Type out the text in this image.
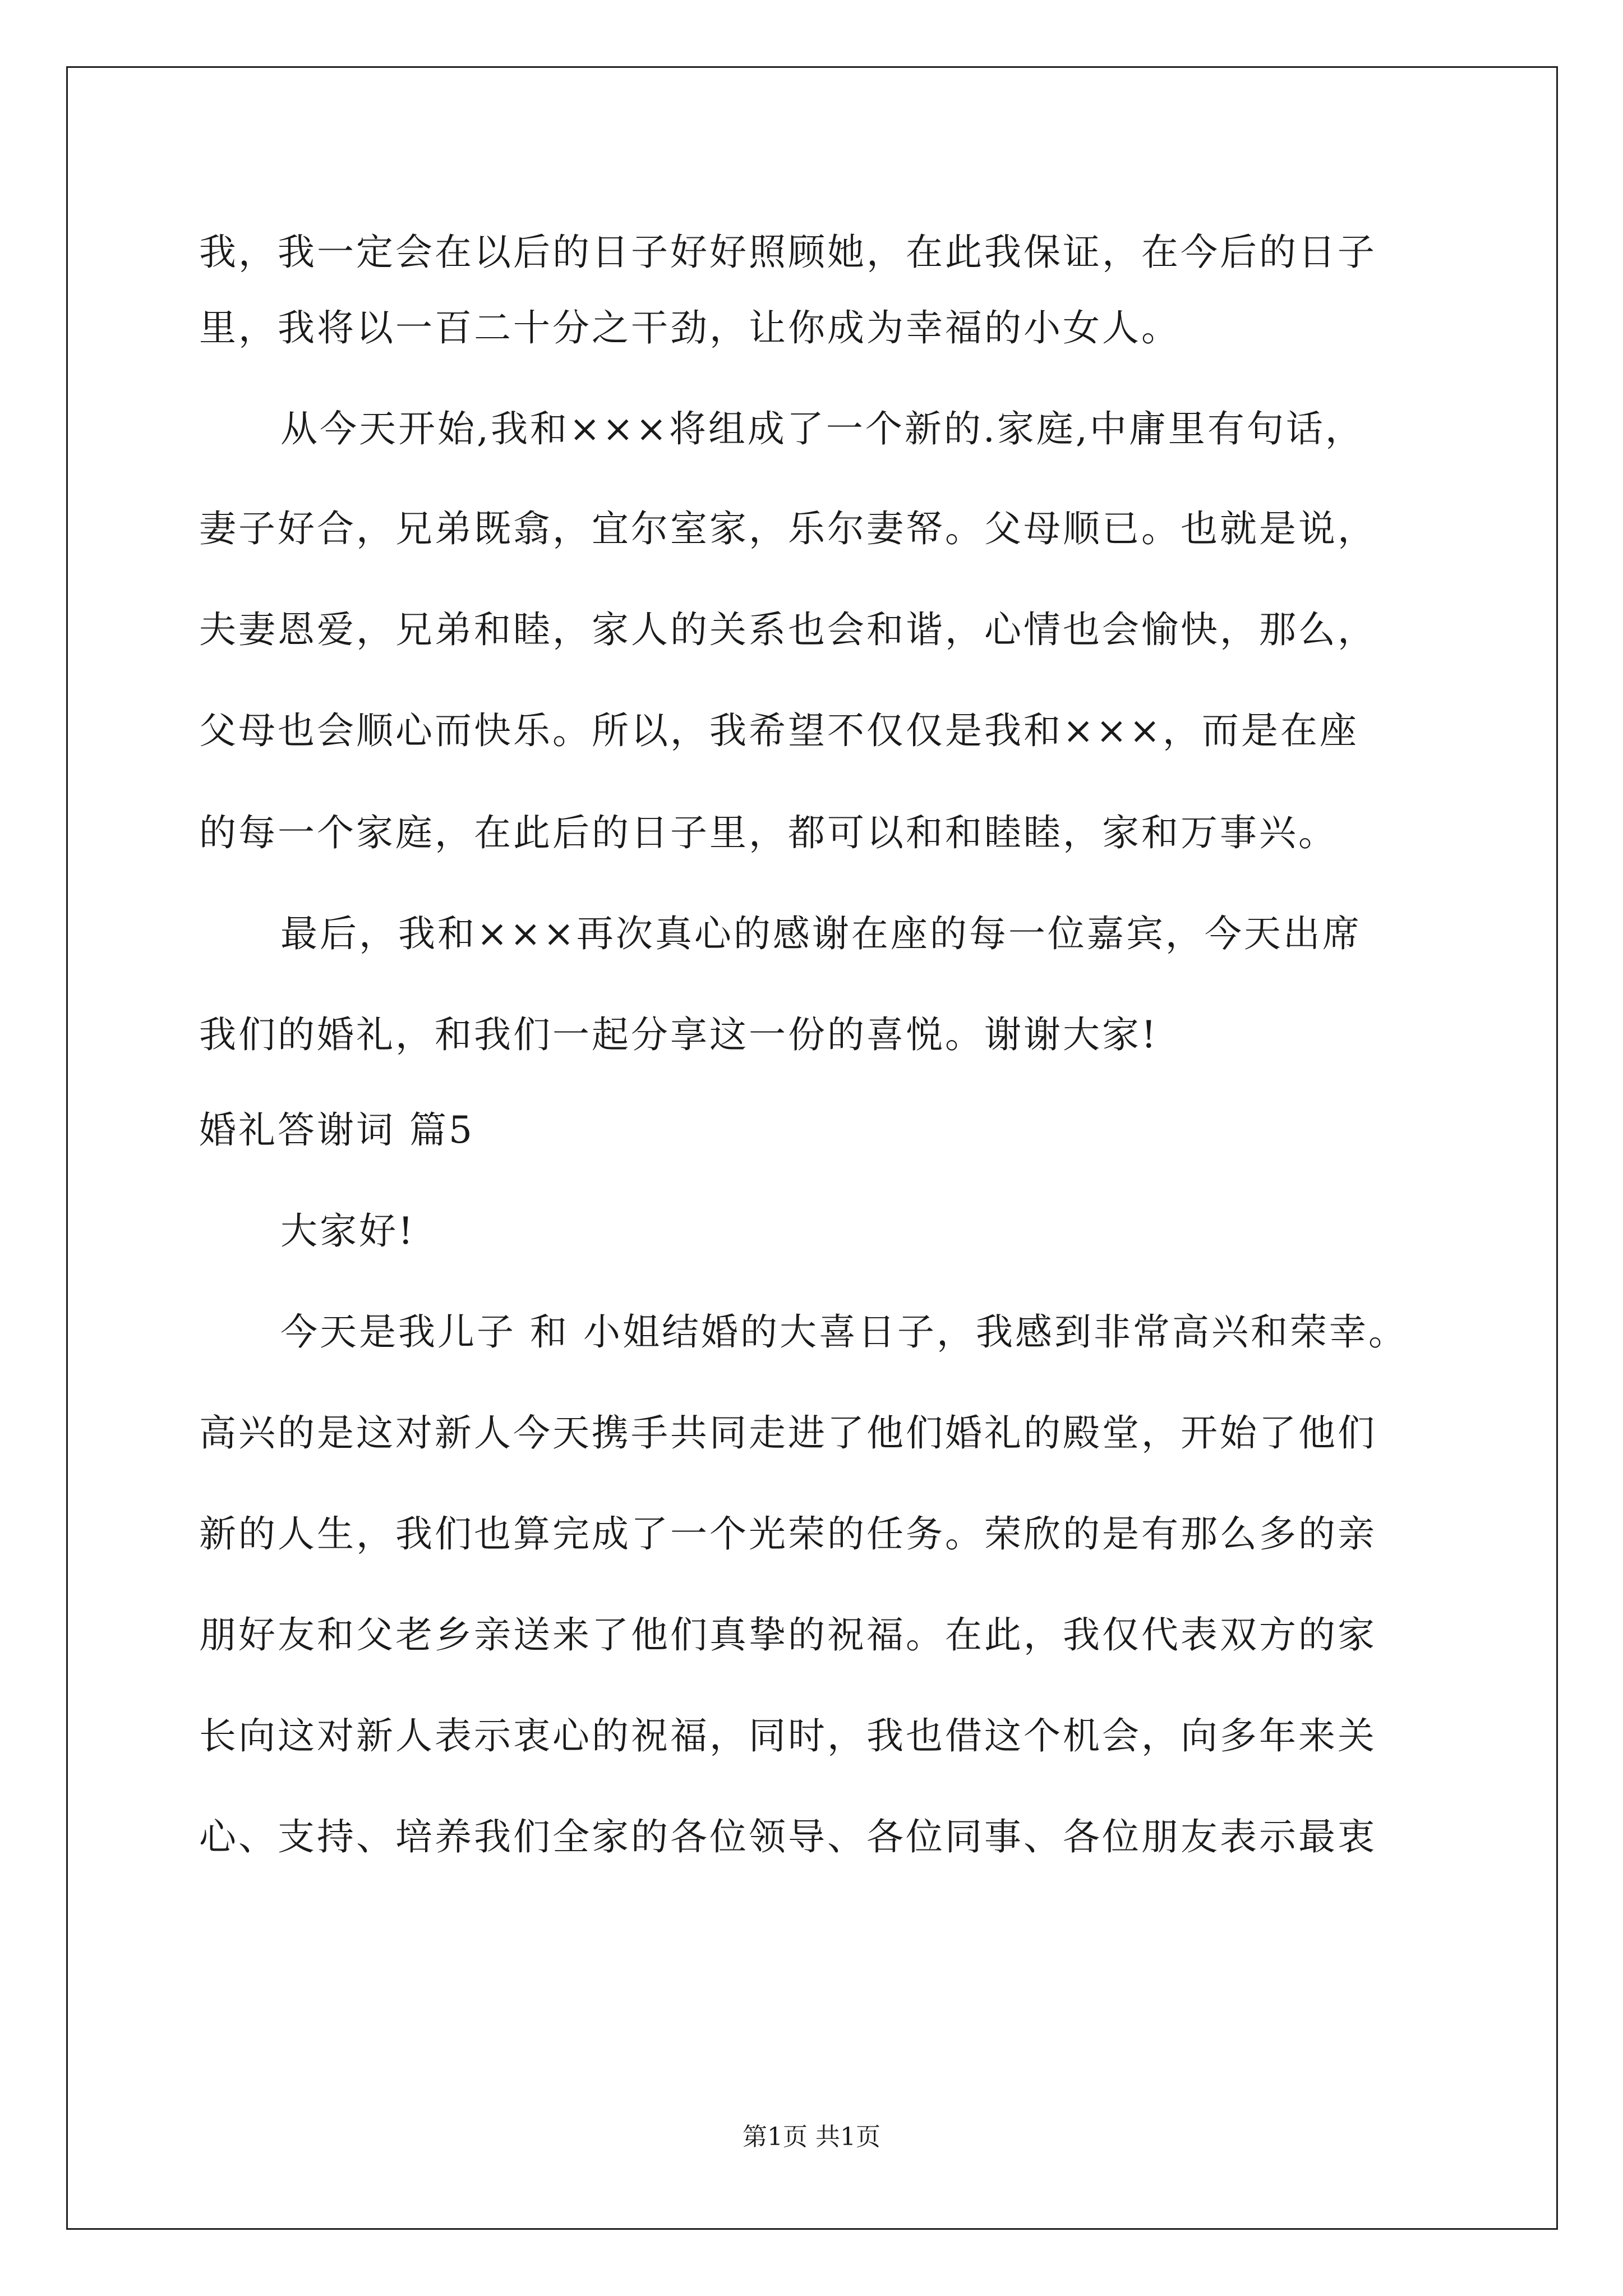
我，我一定会在以后的日子好好照顾她，在此我保证，在今后的日子
里，我将以一百二十分之干劲，让你成为幸福的小女人。
从今天开始,我和×××将组成了一个新的.家庭,中庸里有句话，
妻子好合，兄弟既翕，宜尔室家，乐尔妻帑。父母顺已。也就是说，
夫妻恩爱，兄弟和睦，家人的关系也会和谐，心情也会愉快，那么，
父母也会顺心而快乐。所以，我希望不仅仅是我和×××，而是在座
的每一个家庭，在此后的日子里，都可以和和睦睦，家和万事兴。
最后，我和×××再次真心的感谢在座的每一位嘉宾，今天出席
我们的婚礼，和我们一起分享这一份的喜悦。谢谢大家!
婚礼答谢词 篇5
大家好!
今天是我儿子 和 小姐结婚的大喜日子，我感到非常高兴和荣幸。
高兴的是这对新人今天携手共同走进了他们婚礼的殿堂，开始了他们
新的人生，我们也算完成了一个光荣的任务。荣欣的是有那么多的亲
朋好友和父老乡亲送来了他们真挚的祝福。在此，我仅代表双方的家
长向这对新人表示衷心的祝福，同时，我也借这个机会，向多年来关
心、支持、培养我们全家的各位领导、各位同事、各位朋友表示最衷
第1页 共1页
